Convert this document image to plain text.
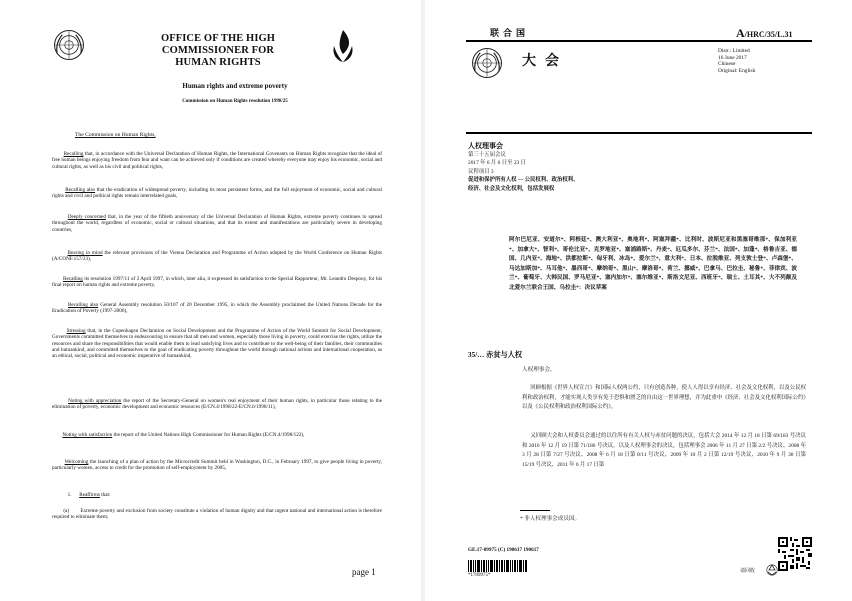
OFFICE OF THE HIGH COMMISSIONER FOR
HUMAN RIGHTS
Human rights and extreme poverty
Commission on Human Rights resolution 1998/25
The Commission on Human Rights,

Recalling that, in accordance with the Universal Declaration of Human Rights, the International Covenants on Human Rights recognize that the ideal of free human beings enjoying freedom from fear and want can be achieved only if conditions are created whereby everyone may enjoy his economic, social and cultural rights, as well as his civil and political rights,

Recalling also that the eradication of widespread poverty, including its most persistent forms, and the full enjoyment of economic, social and cultural rights and civil and political rights remain interrelated goals,

Deeply concerned that, in the year of the fiftieth anniversary of the Universal Declaration of Human Rights, extreme poverty continues to spread throughout the world, regardless of economic, social or cultural situations, and that its extent and manifestations are particularly severe in developing countries,

Bearing in mind the relevant provisions of the Vienna Declaration and Programme of Action adopted by the World Conference on Human Rights (A/CONF.157/23),

Recalling its resolution 1997/11 of 3 April 1997, in which, inter alia, it expressed its satisfaction to the Special Rapporteur, Mr. Leandro Despouy, for his final report on human rights and extreme poverty,

Recalling also General Assembly resolution 50/107 of 20 December 1995, in which the Assembly proclaimed the United Nations Decade for the Eradication of Poverty (1997-2006),

Stressing that, in the Copenhagen Declaration on Social Development and the Programme of Action of the World Summit for Social Development, Governments committed themselves to endeavouring to ensure that all men and women, especially those living in poverty, could exercise the rights, utilize the resources and share the responsibilities that would enable them to lead satisfying lives and to contribute to the well-being of their families, their communities and humankind, and committed themselves to the goal of eradicating poverty throughout the world through national actions and international cooperation, as an ethical, social, political and economic imperative of humankind,

Noting with appreciation the report of the Secretary-General on women's real enjoyment of their human rights, in particular those relating to the elimination of poverty, economic development and economic resources (E/CN.4/1998/22-E/CN.6/1998/11),

Noting with satisfaction the report of the United Nations High Commissioner for Human Rights (E/CN.4/1998/122),

Welcoming the launching of a plan of action by the Microcredit Summit held in Washington, D.C., in February 1997, to give people living in poverty, particularly women, access to credit for the promotion of self-employment by 2005,

1. Reaffirms that:

(a) Extreme poverty and exclusion from society constitute a violation of human dignity and that urgent national and international action is therefore required to eliminate them;

page 1
联合国	A/HRC/35/L.31
大会
Distr.: Limited
16 June 2017
Chinese
Original: English
人权理事会
第三十五届会议
2017 年 6 月 6 日至 23 日
议程项目 3
促进和保护所有人权 — 公民权利、政治权利、
经济、社会及文化权利，包括发展权
阿尔巴尼亚、安道尔*、阿根廷*、澳大利亚*、奥地利*、阿塞拜疆*、比利时、波斯尼亚和黑塞哥维那*、保加利亚*、加拿大*、智利*、哥伦比亚*、克罗地亚*、塞浦路斯*、丹麦*、厄瓜多尔、芬兰*、法国*、加蓬*、格鲁吉亚、德国、几内亚*、海地*、洪都拉斯*、匈牙利、冰岛*、爱尔兰*、意大利*、日本、拉脱维亚、列支敦士登*、卢森堡*、马达加斯加*、马耳他*、墨西哥*、摩纳哥*、黑山*、摩洛哥*、荷兰、挪威*、巴拿马、巴拉圭、秘鲁*、菲律宾、波兰*、葡萄牙、大韩民国、罗马尼亚*、塞内加尔*、塞尔维亚*、斯洛文尼亚、西班牙*、瑞士、土耳其*、大不列颠及北爱尔兰联合王国、乌拉圭*：决议草案
35/… 赤贫与人权
人权理事会，

回顾根据《世界人权宣言》和国际人权两公约，只有创造各种，使人人得以享有经济、社会及文化权利，以及公民权利和政治权利，才能实现人类享有免于恐惧和匮乏的自由这一世界理想，并为此重申《经济、社会及文化权利国际公约》以及《公民权利和政治权利国际公约》，

又回顾大会和人权委员会通过的以往所有有关人权与赤贫问题的决议，包括大会 2014 年 12 月 18 日第 69/183 号决议和 2016 年 12 月 19 日第 71/186 号决议，以及人权理事会的决议，包括理事会 2006 年 11 月 27 日第 2/2 号决议、2008 年 3 月 28 日第 7/27 号决议、2008 年 6 月 18 日第 8/11 号决议、2009 年 10 月 2 日第 12/19 号决议、2010 年 9 月 30 日第 15/19 号决议、2011 年 6 月 17 日第

* 非人权理事会成员国。
GE.17-09975 (C) 190617 190617
*1709975*
请回收
